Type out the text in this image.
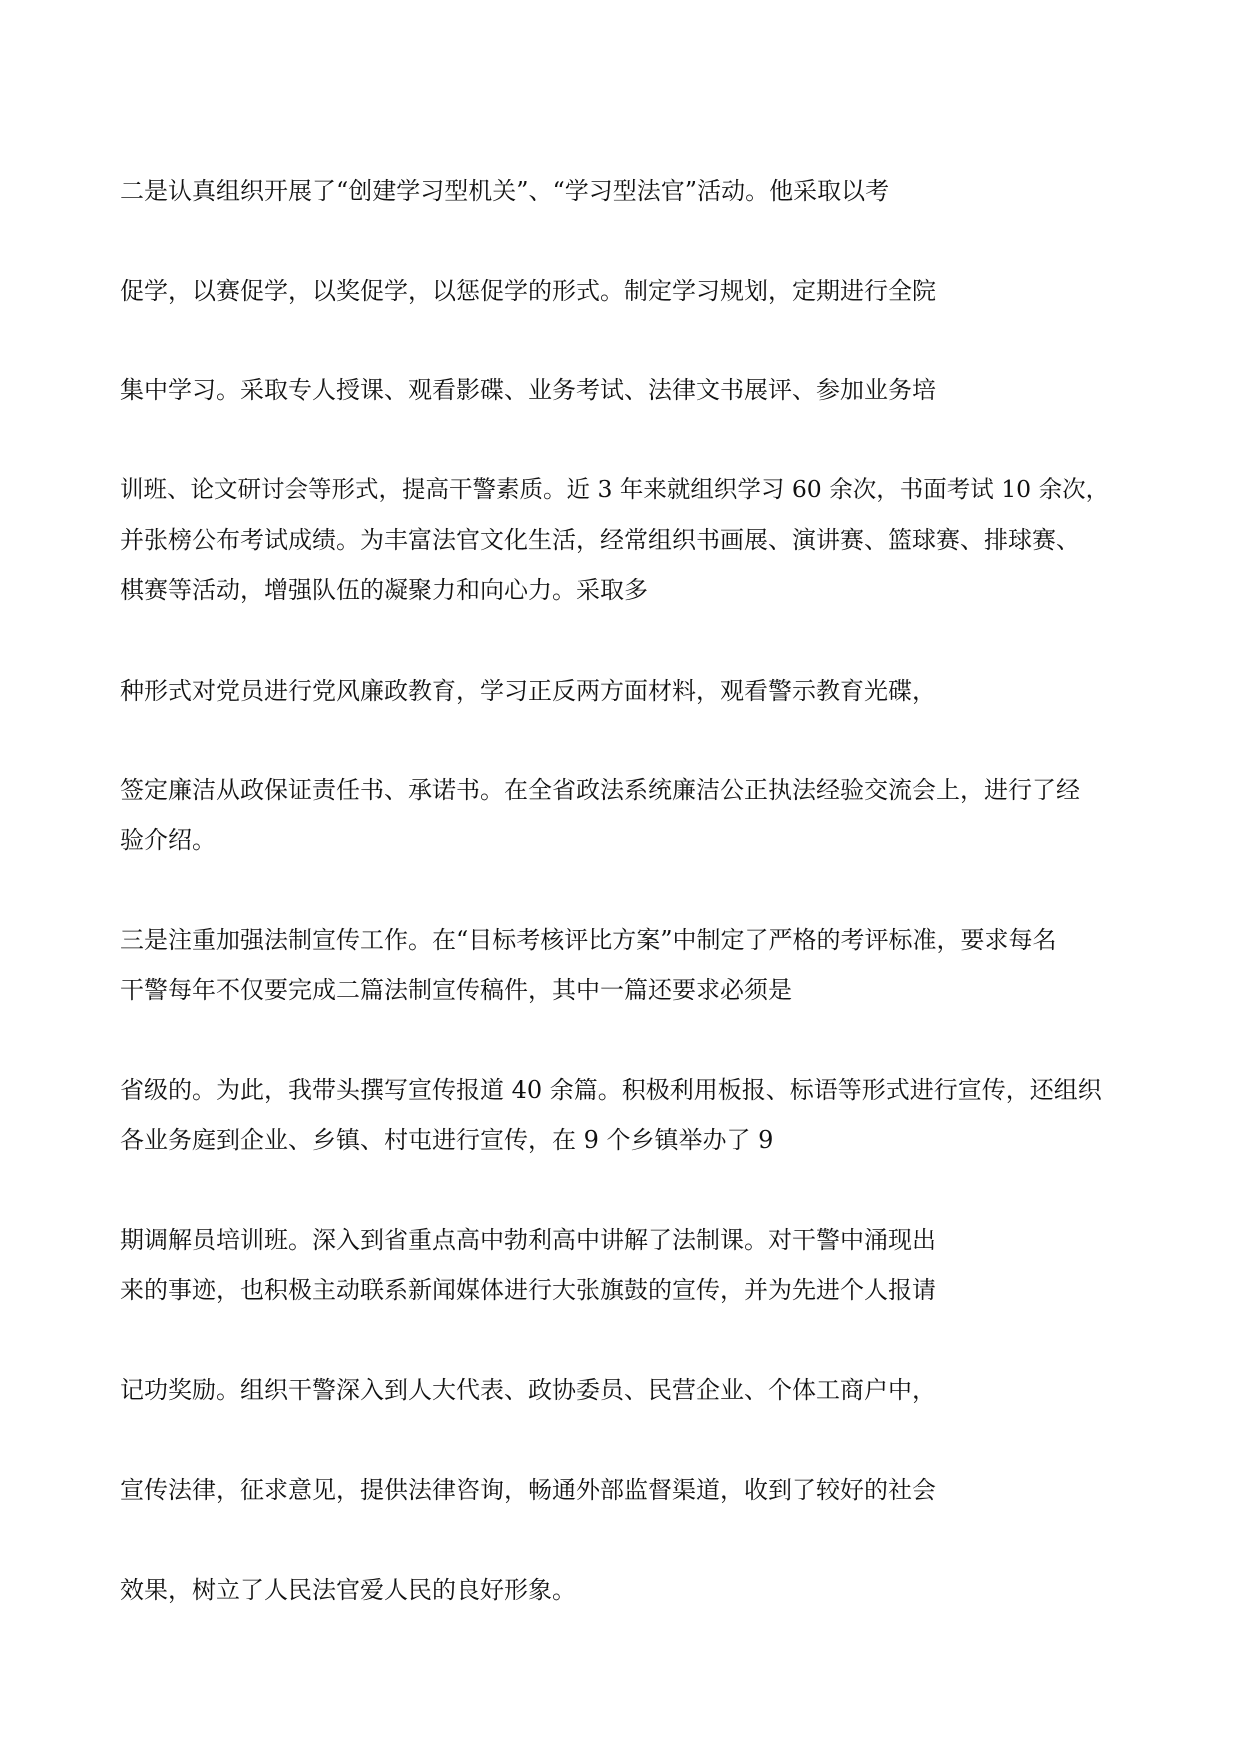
二是认真组织开展了“创建学习型机关”、“学习型法官”活动。他采取以考

促学，以赛促学，以奖促学，以惩促学的形式。制定学习规划，定期进行全院

集中学习。采取专人授课、观看影碟、业务考试、法律文书展评、参加业务培

训班、论文研讨会等形式，提高干警素质。近 3 年来就组织学习 60 余次，书面考试 10 余次，

并张榜公布考试成绩。为丰富法官文化生活，经常组织书画展、演讲赛、篮球赛、排球赛、

棋赛等活动，增强队伍的凝聚力和向心力。采取多

种形式对党员进行党风廉政教育，学习正反两方面材料，观看警示教育光碟，

签定廉洁从政保证责任书、承诺书。在全省政法系统廉洁公正执法经验交流会上，进行了经

验介绍。

三是注重加强法制宣传工作。在“目标考核评比方案”中制定了严格的考评标准，要求每名

干警每年不仅要完成二篇法制宣传稿件，其中一篇还要求必须是

省级的。为此，我带头撰写宣传报道 40 余篇。积极利用板报、标语等形式进行宣传，还组织

各业务庭到企业、乡镇、村屯进行宣传，在 9 个乡镇举办了 9

期调解员培训班。深入到省重点高中勃利高中讲解了法制课。对干警中涌现出

来的事迹，也积极主动联系新闻媒体进行大张旗鼓的宣传，并为先进个人报请

记功奖励。组织干警深入到人大代表、政协委员、民营企业、个体工商户中，

宣传法律，征求意见，提供法律咨询，畅通外部监督渠道，收到了较好的社会

效果，树立了人民法官爱人民的良好形象。
